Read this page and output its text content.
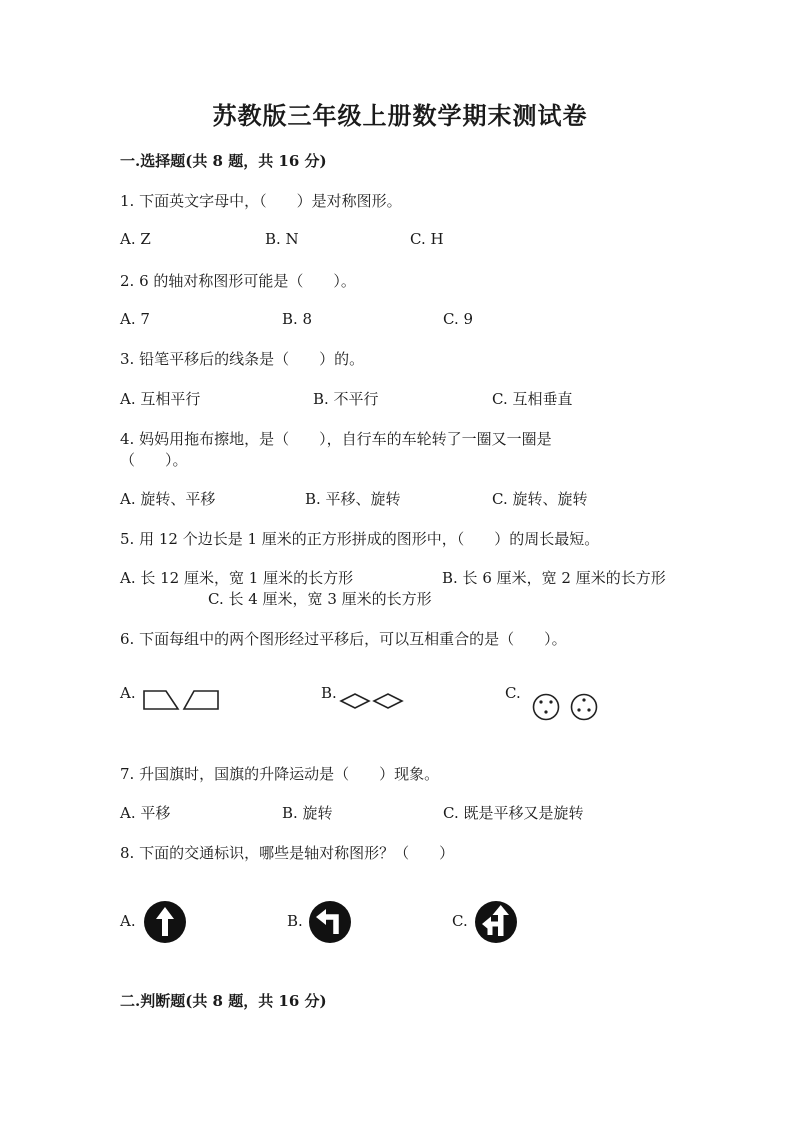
苏教版三年级上册数学期末测试卷
一.选择题(共 8 题，共 16 分)
1. 下面英文字母中，（　　）是对称图形。
A. Z	B. N	C. H
2. 6 的轴对称图形可能是（　　）。
A. 7	B. 8	C. 9
3. 铅笔平移后的线条是（　　）的。
A. 互相平行	B. 不平行	C. 互相垂直
4. 妈妈用拖布擦地，是（　　），自行车的车轮转了一圈又一圈是
（　　）。
A. 旋转、平移	B. 平移、旋转	C. 旋转、旋转
5. 用 12 个边长是 1 厘米的正方形拼成的图形中，（　　）的周长最短。
A. 长 12 厘米，宽 1 厘米的长方形	B. 长 6 厘米，宽 2 厘米的长方形
C. 长 4 厘米，宽 3 厘米的长方形
6. 下面每组中的两个图形经过平移后，可以互相重合的是（　　）。
A.	B.	C.
7. 升国旗时，国旗的升降运动是（　　）现象。
A. 平移	B. 旋转	C. 既是平移又是旋转
8. 下面的交通标识，哪些是轴对称图形？（　　）
A.	B.	C.
二.判断题(共 8 题，共 16 分)
